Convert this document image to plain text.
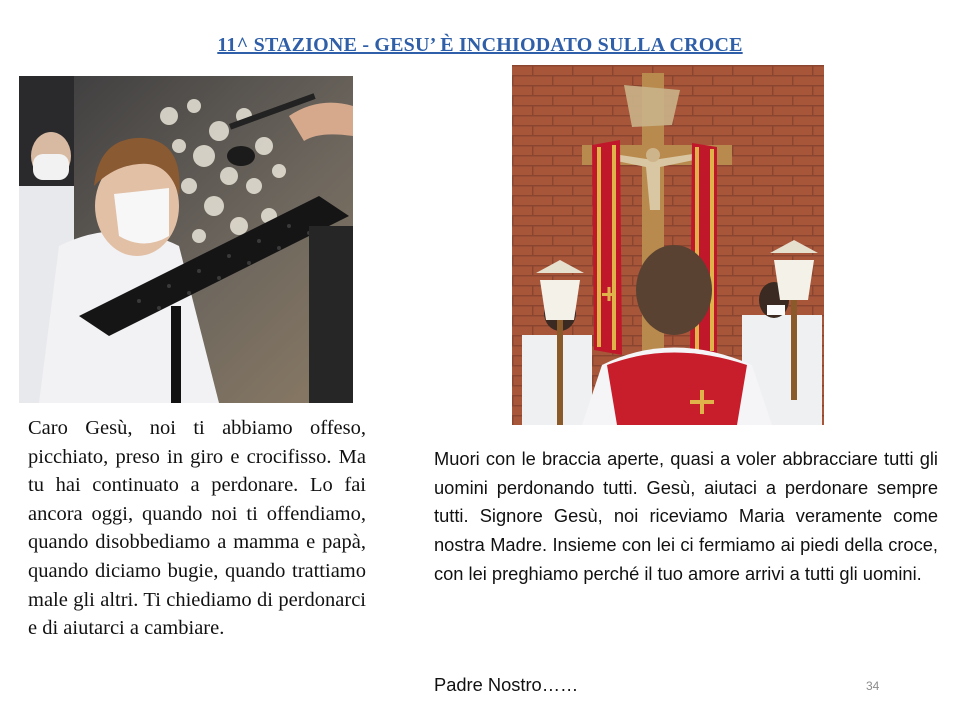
11^ STAZIONE - GESU’ È INCHIODATO SULLA CROCE
Caro Gesù, noi ti abbiamo offeso, picchiato, preso in giro e crocifisso. Ma tu hai continuato a perdonare. Lo fai ancora oggi, quando noi ti offendiamo, quando disobbediamo a mamma e papà, quando diciamo bugie, quando trattiamo male gli altri. Ti chiediamo di perdonarci e di aiutarci a cambiare.
Muori con le braccia aperte, quasi a voler abbracciare tutti gli uomini perdonando tutti. Gesù, aiutaci a perdonare sempre tutti. Signore Gesù, noi riceviamo Maria veramente come nostra Madre. Insieme con lei ci fermiamo ai piedi della croce, con lei preghiamo perché il tuo amore arrivi a tutti gli uomini.
Padre Nostro……	34
